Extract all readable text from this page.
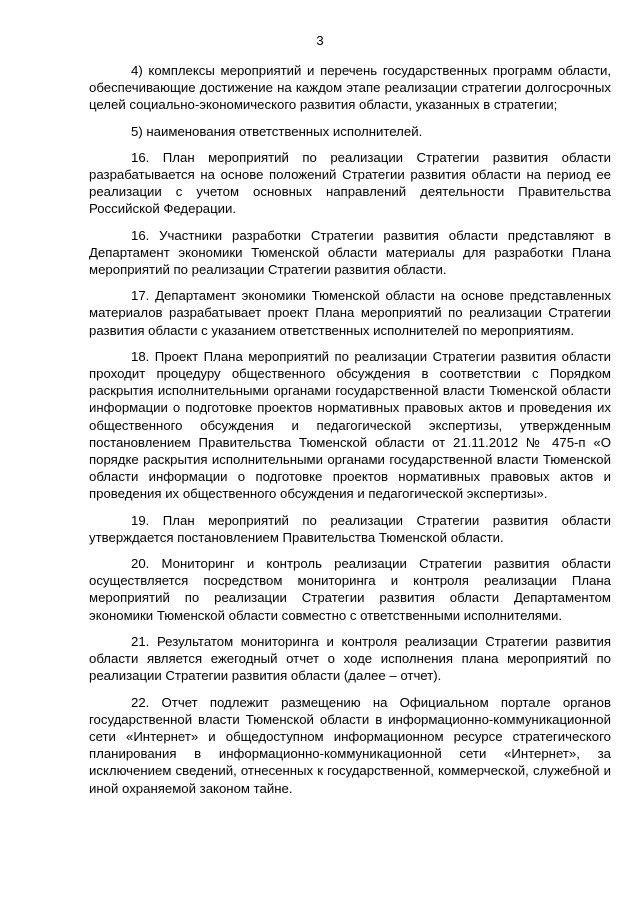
3

4) комплексы мероприятий и перечень государственных программ области, обеспечивающие достижение на каждом этапе реализации стратегии долгосрочных целей социально-экономического развития области, указанных в стратегии;

5) наименования ответственных исполнителей.

16. План мероприятий по реализации Стратегии развития области разрабатывается на основе положений Стратегии развития области на период ее реализации с учетом основных направлений деятельности Правительства Российской Федерации.

16. Участники разработки Стратегии развития области представляют в Департамент экономики Тюменской области материалы для разработки Плана мероприятий по реализации Стратегии развития области.

17. Департамент экономики Тюменской области на основе представленных материалов разрабатывает проект Плана мероприятий по реализации Стратегии развития области с указанием ответственных исполнителей по мероприятиям.

18. Проект Плана мероприятий по реализации Стратегии развития области проходит процедуру общественного обсуждения в соответствии с Порядком раскрытия исполнительными органами государственной власти Тюменской области информации о подготовке проектов нормативных правовых актов и проведения их общественного обсуждения и педагогической экспертизы, утвержденным постановлением Правительства Тюменской области от 21.11.2012 № 475-п «О порядке раскрытия исполнительными органами государственной власти Тюменской области информации о подготовке проектов нормативных правовых актов и проведения их общественного обсуждения и педагогической экспертизы».

19. План мероприятий по реализации Стратегии развития области утверждается постановлением Правительства Тюменской области.

20. Мониторинг и контроль реализации Стратегии развития области осуществляется посредством мониторинга и контроля реализации Плана мероприятий по реализации Стратегии развития области Департаментом экономики Тюменской области совместно с ответственными исполнителями.

21. Результатом мониторинга и контроля реализации Стратегии развития области является ежегодный отчет о ходе исполнения плана мероприятий по реализации Стратегии развития области (далее – отчет).

22. Отчет подлежит размещению на Официальном портале органов государственной власти Тюменской области в информационно-коммуникационной сети «Интернет» и общедоступном информационном ресурсе стратегического планирования в информационно-коммуникационной сети «Интернет», за исключением сведений, отнесенных к государственной, коммерческой, служебной и иной охраняемой законом тайне.
